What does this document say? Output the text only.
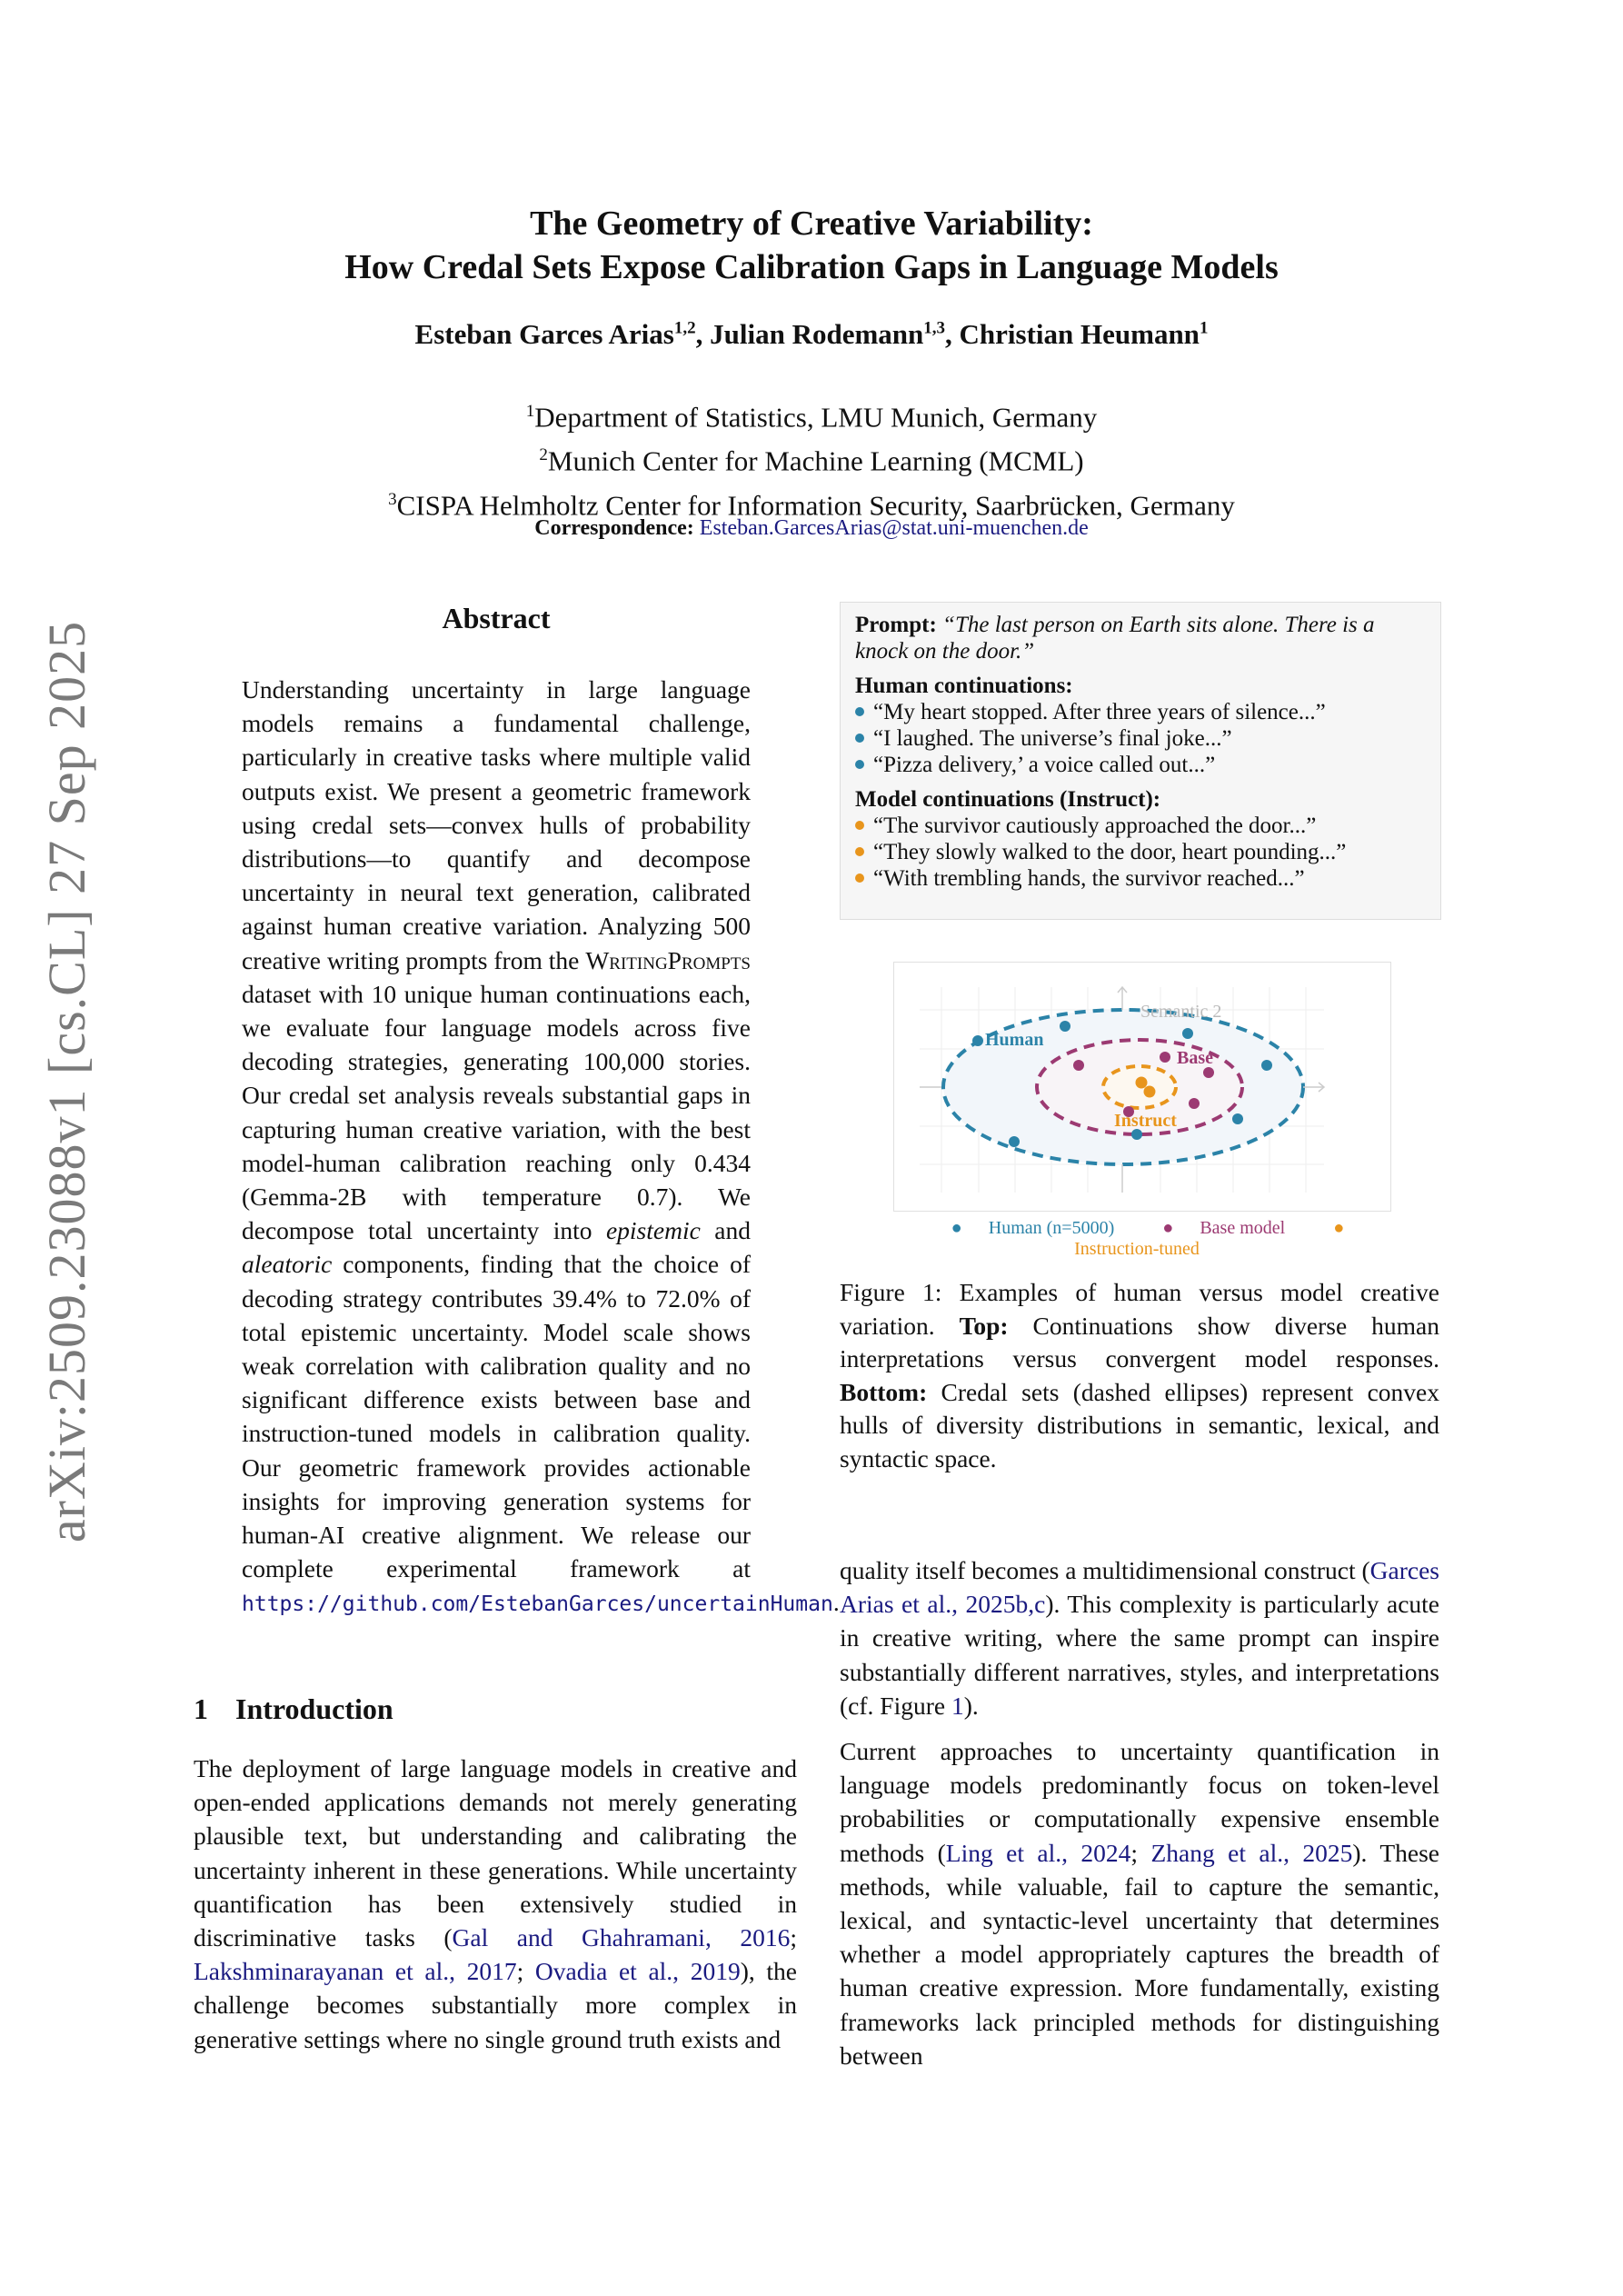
The Geometry of Creative Variability:
How Credal Sets Expose Calibration Gaps in Language Models
Esteban Garces Arias$^{1,2}$, Julian Rodemann$^{1,3}$, Christian Heumann$^1$
$^1$Department of Statistics, LMU Munich, Germany
$^2$Munich Center for Machine Learning (MCML)
$^3$CISPA Helmholtz Center for Information Security, Saarbrücken, Germany
Correspondence: Esteban.GarcesArias@stat.uni-muenchen.de
arXiv:2509.23088v1 [cs.CL] 27 Sep 2025
Abstract
Understanding uncertainty in large language models remains a fundamental challenge, particularly in creative tasks where multiple valid outputs exist. We present a geometric framework using credal sets—convex hulls of probability distributions—to quantify and decompose uncertainty in neural text generation, calibrated against human creative variation. Analyzing 500 creative writing prompts from the WritingPrompts dataset with 10 unique human continuations each, we evaluate four language models across five decoding strategies, generating 100,000 stories. Our credal set analysis reveals substantial gaps in capturing human creative variation, with the best model-human calibration reaching only 0.434 (Gemma-2B with temperature 0.7). We decompose total uncertainty into epistemic and aleatoric components, finding that the choice of decoding strategy contributes 39.4% to 72.0% of total epistemic uncertainty. Model scale shows weak correlation with calibration quality and no significant difference exists between base and instruction-tuned models in calibration quality. Our geometric framework provides actionable insights for improving generation systems for human-AI creative alignment. We release our complete experimental framework at https://github.com/EstebanGarces/uncertainHuman.
1 Introduction
The deployment of large language models in creative and open-ended applications demands not merely generating plausible text, but understanding and calibrating the uncertainty inherent in these generations. While uncertainty quantification has been extensively studied in discriminative tasks (Gal and Ghahramani, 2016; Lakshminarayanan et al., 2017; Ovadia et al., 2019), the challenge becomes substantially more complex in generative settings where no single ground truth exists and
Prompt: “The last person on Earth sits alone. There is a knock on the door.”
Human continuations:
“My heart stopped. After three years of silence...”
“I laughed. The universe’s final joke...”
“Pizza delivery,’ a voice called out...”
Model continuations (Instruct):
“The survivor cautiously approached the door...”
“They slowly walked to the door, heart pounding...”
“With trembling hands, the survivor reached...”
Semantic 2
Human
Base
Instruct
● Human (n=5000)	● Base model	● Instruction-tuned
Figure 1: Examples of human versus model creative variation. Top: Continuations show diverse human interpretations versus convergent model responses. Bottom: Credal sets (dashed ellipses) represent convex hulls of diversity distributions in semantic, lexical, and syntactic space.

quality itself becomes a multidimensional construct (Garces Arias et al., 2025b,c). This complexity is particularly acute in creative writing, where the same prompt can inspire substantially different narratives, styles, and interpretations (cf. Figure 1).

Current approaches to uncertainty quantification in language models predominantly focus on token-level probabilities or computationally expensive ensemble methods (Ling et al., 2024; Zhang et al., 2025). These methods, while valuable, fail to capture the semantic, lexical, and syntactic-level uncertainty that determines whether a model appropriately captures the breadth of human creative expression. More fundamentally, existing frameworks lack principled methods for distinguishing between
